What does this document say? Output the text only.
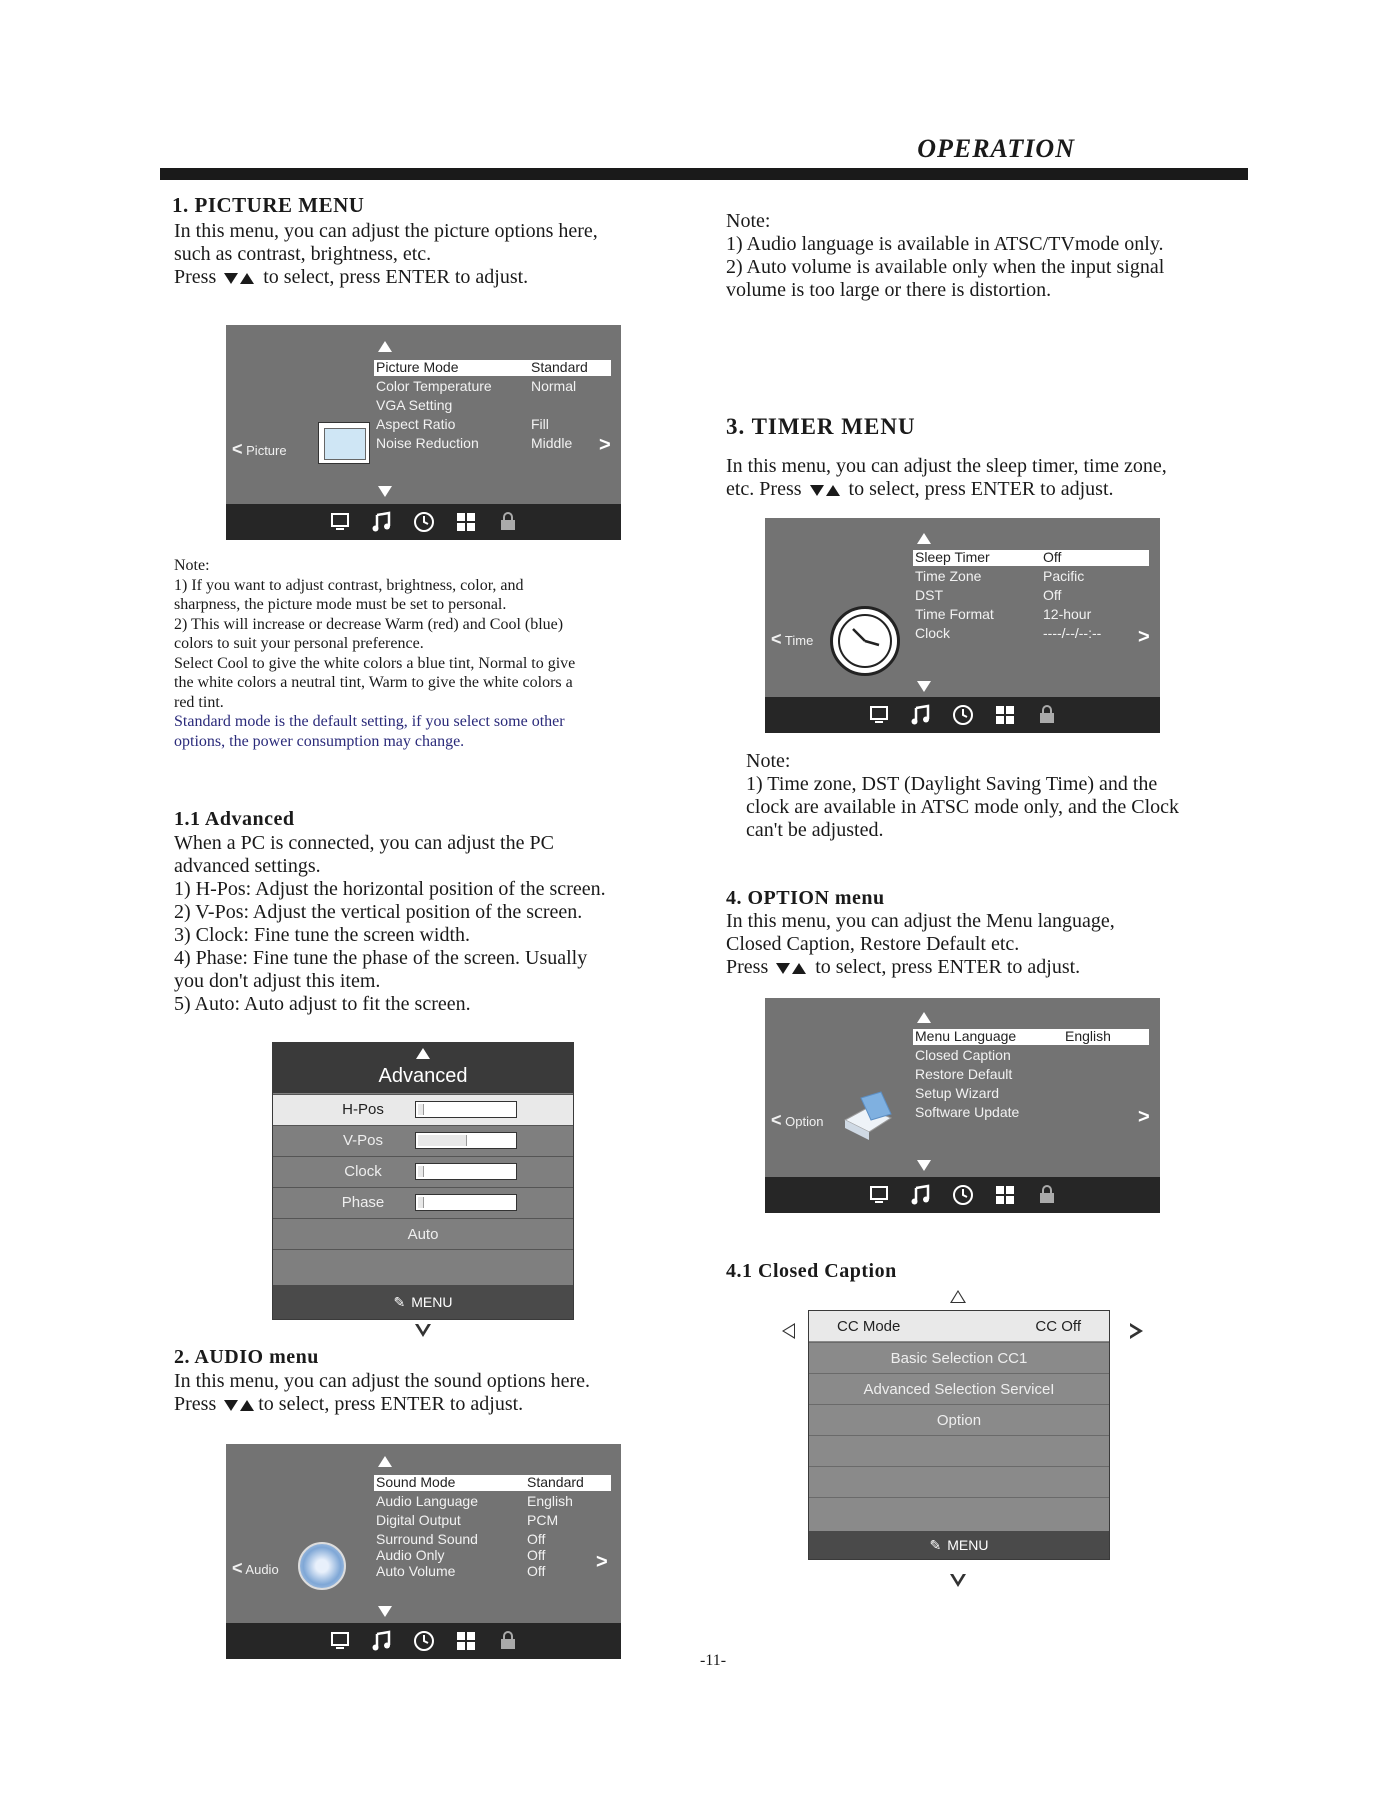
OPERATION
1. PICTURE MENU
In this menu, you can adjust the picture options here,
such as contrast, brightness, etc.
Press to select, press ENTER to adjust.
< Picture
Picture Mode	Standard
Color Temperature	Normal
VGA Setting
Aspect Ratio	Fill
Noise Reduction	Middle >
Note:
1) If you want to adjust contrast, brightness, color, and
sharpness, the picture mode must be set to personal.
2) This will increase or decrease Warm (red) and Cool (blue)
colors to suit your personal preference.
Select Cool to give the white colors a blue tint, Normal to give
the white colors a neutral tint, Warm to give the white colors a
red tint.
Standard mode is the default setting, if you select some other
options, the power consumption may change.
1.1 Advanced
When a PC is connected, you can adjust the PC
advanced settings.
1) H-Pos: Adjust the horizontal position of the screen.
2) V-Pos: Adjust the vertical position of the screen.
3) Clock: Fine tune the screen width.
4) Phase: Fine tune the phase of the screen. Usually
you don't adjust this item.
5) Auto: Auto adjust to fit the screen.
Advanced
H-Pos
V-Pos
Clock
Phase
Auto
✎ MENU
2. AUDIO menu
In this menu, you can adjust the sound options here.
Press to select, press ENTER to adjust.
< Audio
Sound Mode	Standard
Audio Language	English
Digital Output	PCM
Surround Sound	Off
Audio Only	Off
Auto Volume	Off	>
Note:
1) Audio language is available in ATSC/TVmode only.
2) Auto volume is available only when the input signal
volume is too large or there is distortion.
3. TIMER MENU
In this menu, you can adjust the sleep timer, time zone,
etc. Press to select, press ENTER to adjust.
< Time
Sleep Timer	Off
Time Zone	Pacific
DST	Off
Time Format	12-hour
Clock	----/--/--:-- >
Note:
1) Time zone, DST (Daylight Saving Time) and the
clock are available in ATSC mode only, and the Clock
can't be adjusted.
4. OPTION menu
In this menu, you can adjust the Menu language,
Closed Caption, Restore Default etc.
Press to select, press ENTER to adjust.
< Option
Menu Language	English
Closed Caption
Restore Default
Setup Wizard
Software Update	>
4.1 Closed Caption
CC Mode	CC Off
Basic Selection CC1
Advanced Selection ServiceI
Option
✎ MENU
-11-
